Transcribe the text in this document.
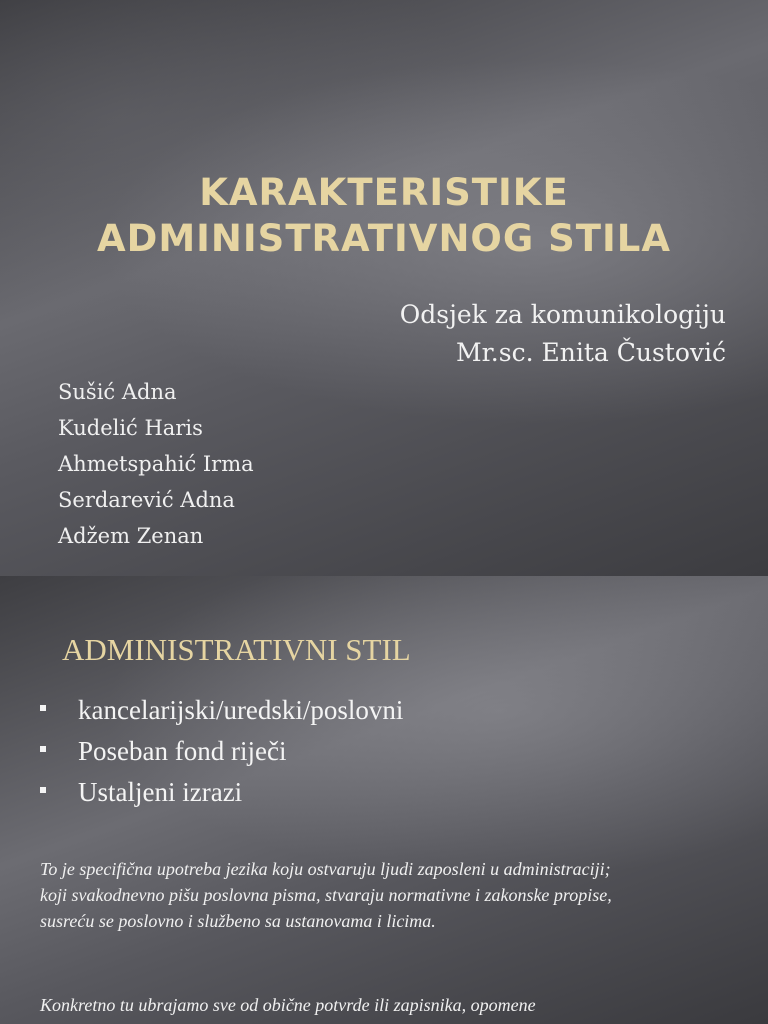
KARAKTERISTIKE
ADMINISTRATIVNOG STILA
Odsjek za komunikologiju
Mr.sc. Enita Čustović
Sušić Adna
Kudelić Haris
Ahmetspahić Irma
Serdarević Adna
Adžem Zenan
ADMINISTRATIVNI STIL
kancelarijski/uredski/poslovni
Poseban fond riječi
Ustaljeni izrazi
To je specifična upotreba jezika koju ostvaruju ljudi zaposleni u administraciji; koji svakodnevno pišu poslovna pisma, stvaraju normativne i zakonske propise, susreću se poslovno i službeno sa ustanovama i licima.
Konkretno tu ubrajamo sve od obične potvrde ili zapisnika, opomene
